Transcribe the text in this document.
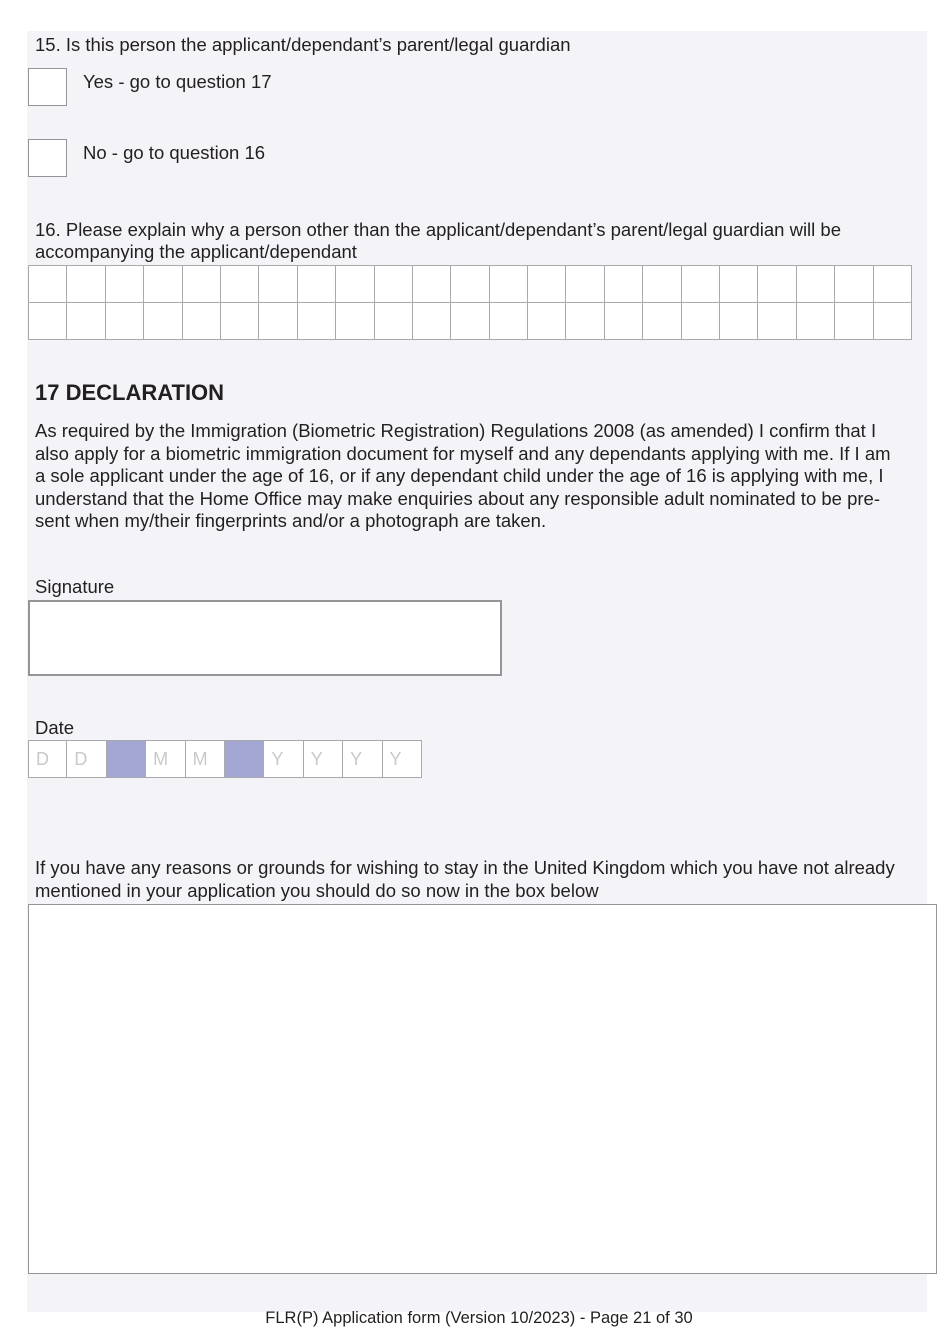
15. Is this person the applicant/dependant’s parent/legal guardian
Yes - go to question 17
No - go to question 16
16. Please explain why a person other than the applicant/dependant’s parent/legal guardian will be
accompanying the applicant/dependant

17 DECLARATION
As required by the Immigration (Biometric Registration) Regulations 2008 (as amended) I confirm that I
also apply for a biometric immigration document for myself and any dependants applying with me. If I am
a sole applicant under the age of 16, or if any dependant child under the age of 16 is applying with me, I
understand that the Home Office may make enquiries about any responsible adult nominated to be pre-
sent when my/their fingerprints and/or a photograph are taken.
Signature
Date
D	D	M	M	Y	Y	Y	Y
If you have any reasons or grounds for wishing to stay in the United Kingdom which you have not already
mentioned in your application you should do so now in the box below
FLR(P) Application form (Version 10/2023) - Page 21 of 30
